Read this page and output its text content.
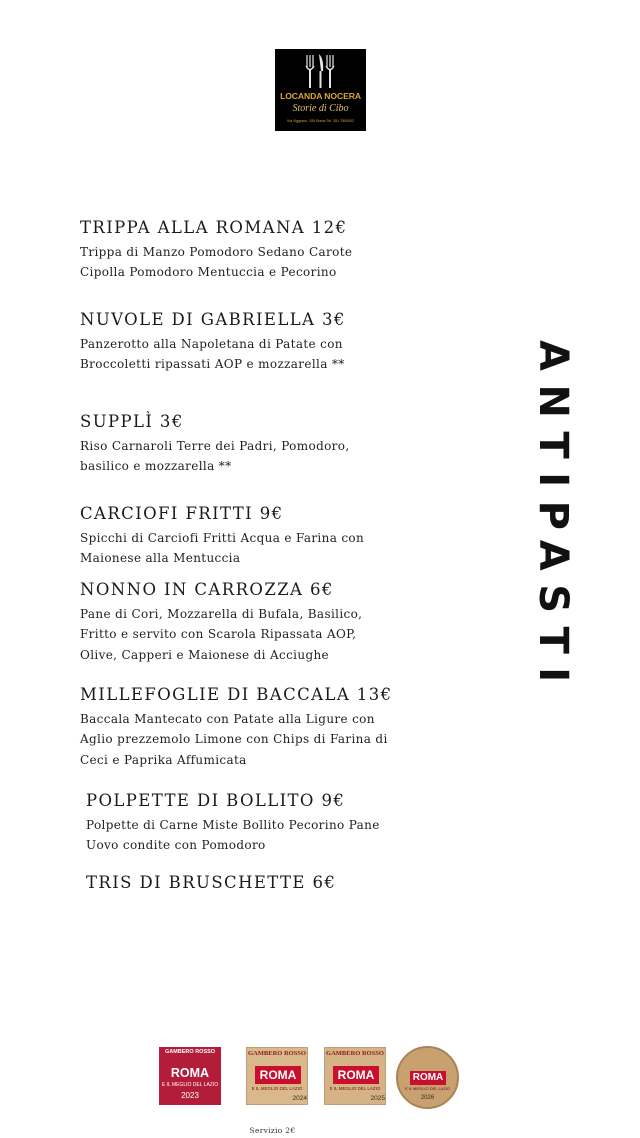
LOCANDA NOCERA
Storie di Cibo
Via Viggiano, 155 Roma Tel. 351 7592002
ANTIPASTI
TRIPPA ALLA ROMANA 12€
Trippa di Manzo Pomodoro Sedano Carote
Cipolla Pomodoro Mentuccia e Pecorino
NUVOLE DI GABRIELLA 3€
Panzerotto alla Napoletana di Patate con
Broccoletti ripassati AOP e mozzarella **
SUPPLÌ 3€
Riso Carnaroli Terre dei Padri, Pomodoro,
basilico e mozzarella **
CARCIOFI FRITTI 9€
Spicchi di Carciofi Fritti Acqua e Farina con
Maionese alla Mentuccia
NONNO IN CARROZZA 6€
Pane di Cori, Mozzarella di Bufala, Basilico,
Fritto e servito con Scarola Ripassata AOP,
Olive, Capperi e Maionese di Acciughe
MILLEFOGLIE DI BACCALA 13€
Baccala Mantecato con Patate alla Ligure con
Aglio prezzemolo Limone con Chips di Farina di
Ceci e Paprika Affumicata
POLPETTE DI BOLLITO 9€
Polpette di Carne Miste Bollito Pecorino Pane
Uovo condite con Pomodoro
TRIS DI BRUSCHETTE 6€
GAMBERO ROSSO
ROMA
E IL MEGLIO DEL LAZIO
2023
GAMBERO ROSSO
ROMA
E IL MEGLIO DEL LAZIO
2024
GAMBERO ROSSO
ROMA
E IL MEGLIO DEL LAZIO
2025
ROMA
E IL MEGLIO DEL LAZIO
2026
Servizio 2€
